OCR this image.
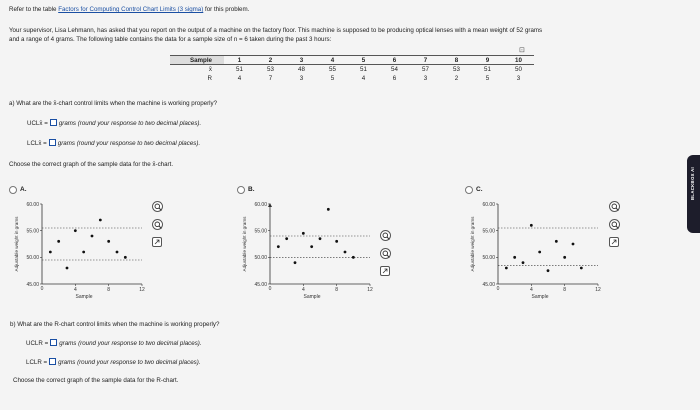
Refer to the table Factors for Computing Control Chart Limits (3 sigma) for this problem.
Your supervisor, Lisa Lehmann, has asked that you report on the output of a machine on the factory floor. This machine is supposed to be producing optical lenses with a mean weight of 52 grams
and a range of 4 grams. The following table contains the data for a sample size of n = 6 taken during the past 3 hours:
Sample	1	2	3	4	5	6	7	8	9	10
x̄	51	53	48	55	51	54	57	53	51	50
R	4	7	3	5	4	6	3	2	5	3
⊡
a) What are the x̄-chart control limits when the machine is working properly?
UCLx̄ = grams (round your response to two decimal places).
LCLx̄ = grams (round your response to two decimal places).
Choose the correct graph of the sample data for the x̄-chart.
A.	B.	C.
60.00
55.00
50.00
45.00
0	4	8	12
Sample
Adjustable weight in grams
60.00
55.00
50.00
45.00
0	4	8	12
Sample
Adjustable weight in grams
60.00
55.00
50.00
45.00
0	4	8	12
Sample
Adjustable weight in grams
b) What are the R-chart control limits when the machine is working properly?
UCLR = grams (round your response to two decimal places).
LCLR = grams (round your response to two decimal places).
Choose the correct graph of the sample data for the R-chart.
BLACKBOX AI
